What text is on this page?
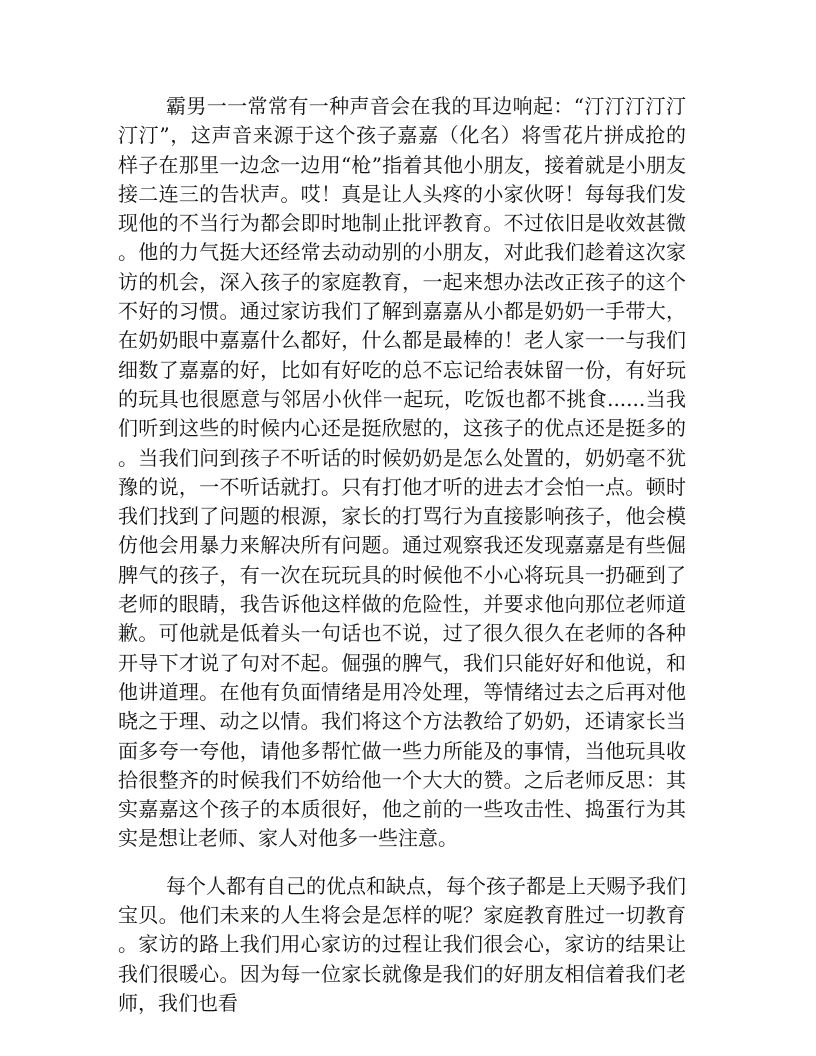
霸男一一常常有一种声音会在我的耳边响起：“汀汀汀汀汀汀汀”，这声音来源于这个孩子嘉嘉（化名）将雪花片拼成抢的样子在那里一边念一边用“枪”指着其他小朋友，接着就是小朋友接二连三的告状声。哎！真是让人头疼的小家伙呀！每每我们发现他的不当行为都会即时地制止批评教育。不过依旧是收效甚微。他的力气挺大还经常去动动别的小朋友，对此我们趁着这次家访的机会，深入孩子的家庭教育，一起来想办法改正孩子的这个不好的习惯。通过家访我们了解到嘉嘉从小都是奶奶一手带大，在奶奶眼中嘉嘉什么都好，什么都是最棒的！老人家一一与我们细数了嘉嘉的好，比如有好吃的总不忘记给表妹留一份，有好玩的玩具也很愿意与邻居小伙伴一起玩，吃饭也都不挑食......当我们听到这些的时候内心还是挺欣慰的，这孩子的优点还是挺多的。当我们问到孩子不听话的时候奶奶是怎么处置的，奶奶毫不犹豫的说，一不听话就打。只有打他才听的进去才会怕一点。顿时我们找到了问题的根源，家长的打骂行为直接影响孩子，他会模仿他会用暴力来解决所有问题。通过观察我还发现嘉嘉是有些倔脾气的孩子，有一次在玩玩具的时候他不小心将玩具一扔砸到了老师的眼睛，我告诉他这样做的危险性，并要求他向那位老师道歉。可他就是低着头一句话也不说，过了很久很久在老师的各种开导下才说了句对不起。倔强的脾气，我们只能好好和他说，和他讲道理。在他有负面情绪是用冷处理，等情绪过去之后再对他晓之于理、动之以情。我们将这个方法教给了奶奶，还请家长当面多夸一夸他，请他多帮忙做一些力所能及的事情，当他玩具收拾很整齐的时候我们不妨给他一个大大的赞。之后老师反思：其实嘉嘉这个孩子的本质很好，他之前的一些攻击性、捣蛋行为其实是想让老师、家人对他多一些注意。

每个人都有自己的优点和缺点，每个孩子都是上天赐予我们宝贝。他们未来的人生将会是怎样的呢？家庭教育胜过一切教育。家访的路上我们用心家访的过程让我们很会心，家访的结果让我们很暖心。因为每一位家长就像是我们的好朋友相信着我们老师，我们也看
